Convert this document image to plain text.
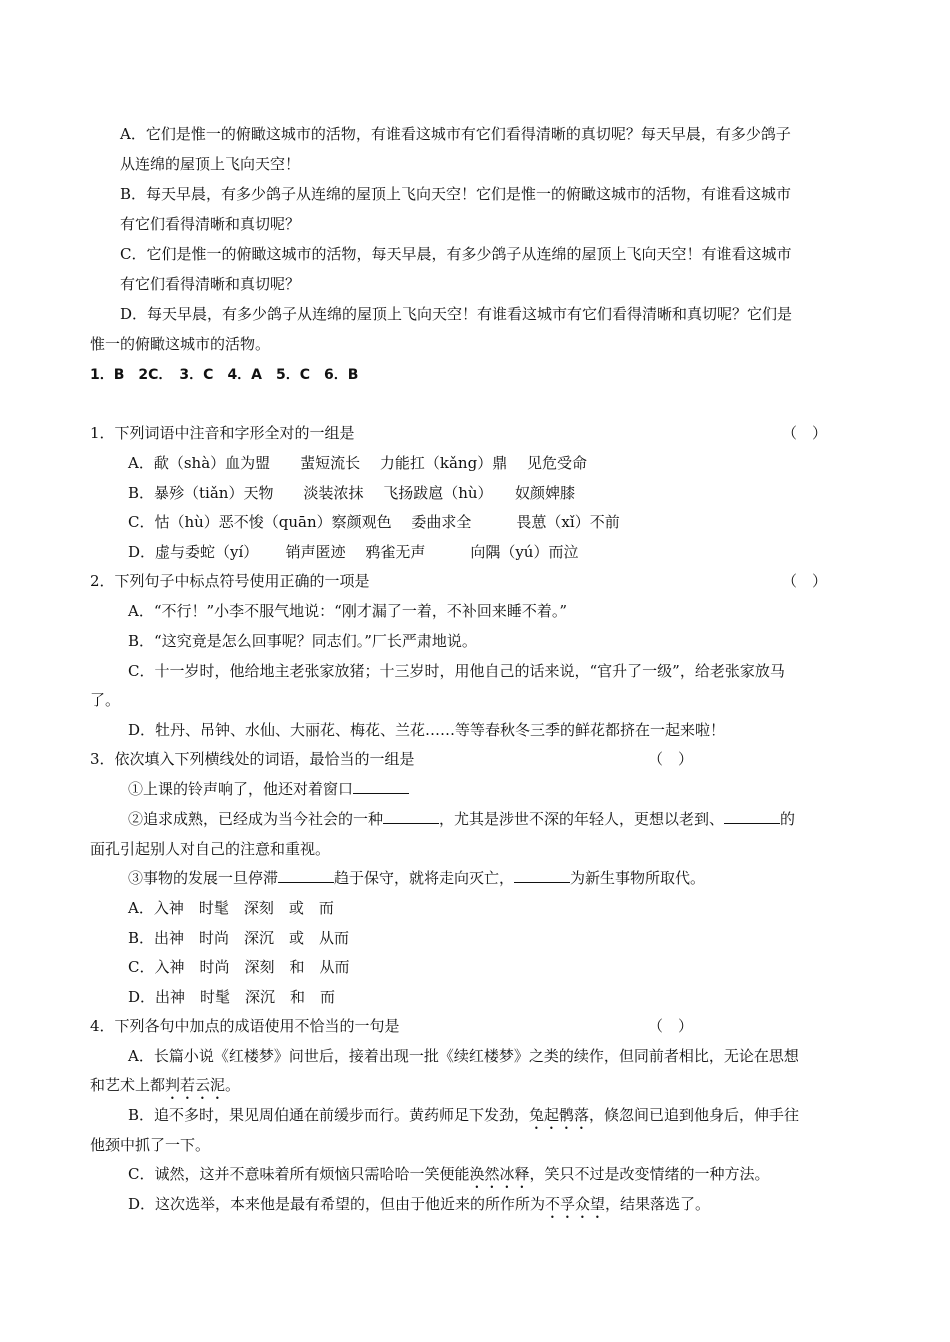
A．它们是惟一的俯瞰这城市的活物，有谁看这城市有它们看得清晰的真切呢？每天早晨，有多少鸽子
从连绵的屋顶上飞向天空！
B．每天早晨，有多少鸽子从连绵的屋顶上飞向天空！它们是惟一的俯瞰这城市的活物，有谁看这城市
有它们看得清晰和真切呢？
C．它们是惟一的俯瞰这城市的活物，每天早晨，有多少鸽子从连绵的屋顶上飞向天空！有谁看这城市
有它们看得清晰和真切呢？
D．每天早晨，有多少鸽子从连绵的屋顶上飞向天空！有谁看这城市有它们看得清晰和真切呢？它们是
惟一的俯瞰这城市的活物。
1．B　2C．　3．C　4．A　5．C　6．B
1．下列词语中注音和字形全对的一组是	（　）
A．歃（shà）血为盟　　蜚短流长　 力能扛（kǎng）鼎　 见危受命
B．暴殄（tiǎn）天物　　淡装浓抹　 飞扬跋扈（hù）　　奴颜婢膝
C．怙（hù）恶不悛（quān）察颜观色　 委曲求全　　　畏葸（xǐ）不前
D．虚与委蛇（yí）　　 销声匿迹　 鸦雀无声　　　向隅（yú）而泣
2．下列句子中标点符号使用正确的一项是	（　）
A．“不行！”小李不服气地说：“刚才漏了一着，不补回来睡不着。”
B．“这究竟是怎么回事呢？同志们。”厂长严肃地说。
C．十一岁时，他给地主老张家放猪；十三岁时，用他自己的话来说，“官升了一级”，给老张家放马
了。
D．牡丹、吊钟、水仙、大丽花、梅花、兰花……等等春秋冬三季的鲜花都挤在一起来啦！
3．依次填入下列横线处的词语，最恰当的一组是	（　）
①上课的铃声响了，他还对着窗口
②追求成熟，已经成为当今社会的一种	，尤其是涉世不深的年轻人，更想以老到、	的
面孔引起别人对自己的注意和重视。
③事物的发展一旦停滞	趋于保守，就将走向灭亡，	为新生事物所取代。
A．入神　时髦　深刻　或　而
B．出神　时尚　深沉　或　从而
C．入神　时尚　深刻　和　从而
D．出神　时髦　深沉　和　而
4．下列各句中加点的成语使用不恰当的一句是	（　）
A．长篇小说《红楼梦》问世后，接着出现一批《续红楼梦》之类的续作，但同前者相比，无论在思想
和艺术上都判若云泥。
B．追不多时，果见周伯通在前缓步而行。黄药师足下发劲，兔起鹘落，倏忽间已追到他身后，伸手往
他颈中抓了一下。
C．诚然，这并不意味着所有烦恼只需哈哈一笑便能涣然冰释，笑只不过是改变情绪的一种方法。
D．这次选举，本来他是最有希望的，但由于他近来的所作所为不孚众望，结果落选了。
